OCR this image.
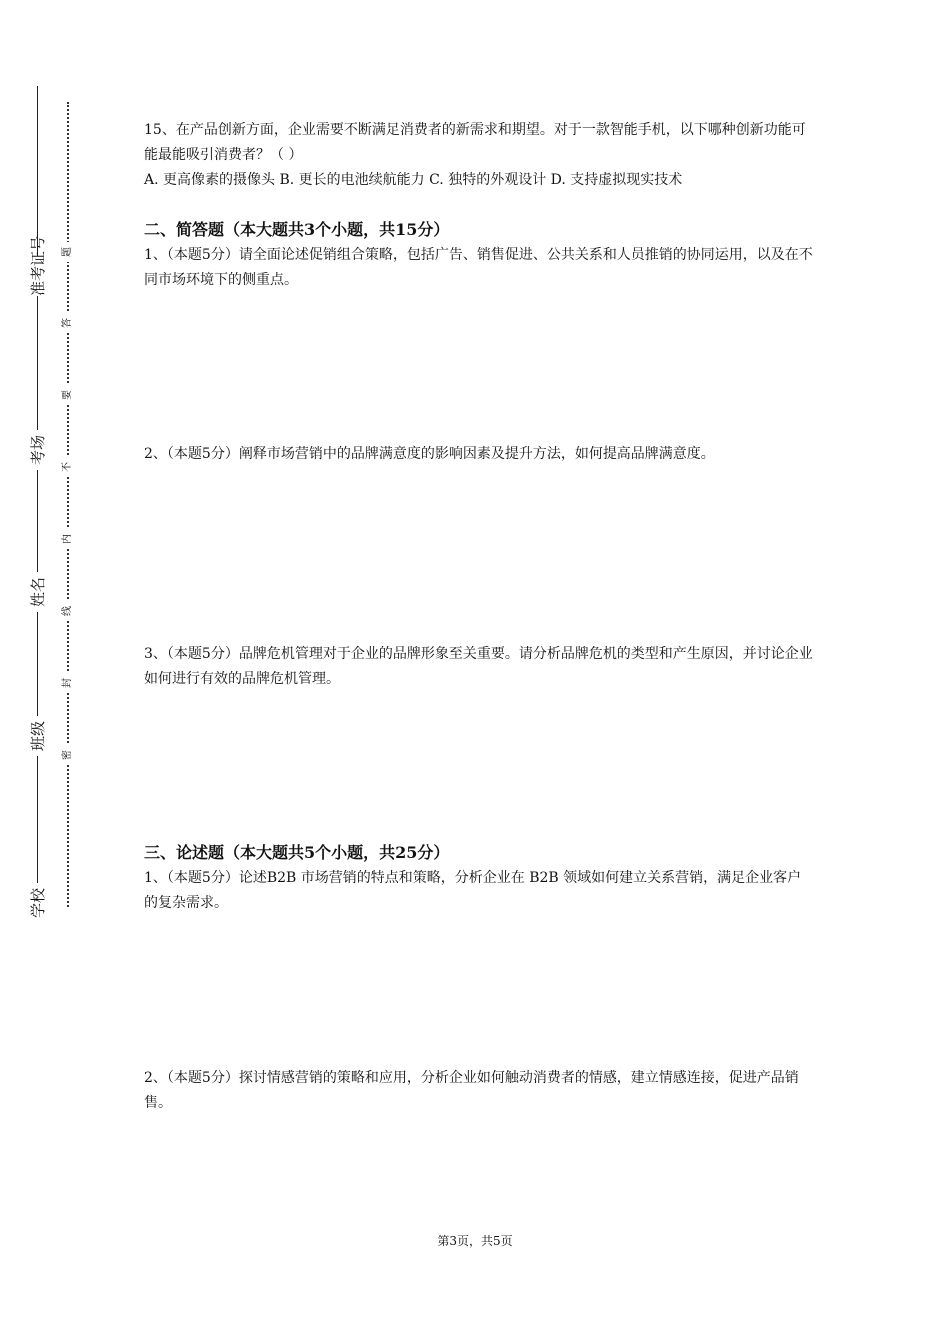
准考证号
考场
姓名
班级
学校
题
答
要
不
内
线
封
密

15、在产品创新方面，企业需要不断满足消费者的新需求和期望。对于一款智能手机，以下哪种创新功能可能最能吸引消费者？（ ）

A. 更高像素的摄像头 B. 更长的电池续航能力 C. 独特的外观设计 D. 支持虚拟现实技术

二、简答题（本大题共3个小题，共15分）

1、（本题5分）请全面论述促销组合策略，包括广告、销售促进、公共关系和人员推销的协同运用，以及在不同市场环境下的侧重点。

2、（本题5分）阐释市场营销中的品牌满意度的影响因素及提升方法，如何提高品牌满意度。

3、（本题5分）品牌危机管理对于企业的品牌形象至关重要。请分析品牌危机的类型和产生原因，并讨论企业如何进行有效的品牌危机管理。

三、论述题（本大题共5个小题，共25分）

1、（本题5分）论述B2B 市场营销的特点和策略，分析企业在 B2B 领域如何建立关系营销，满足企业客户的复杂需求。

2、（本题5分）探讨情感营销的策略和应用，分析企业如何触动消费者的情感，建立情感连接，促进产品销售。

第3页，共5页
